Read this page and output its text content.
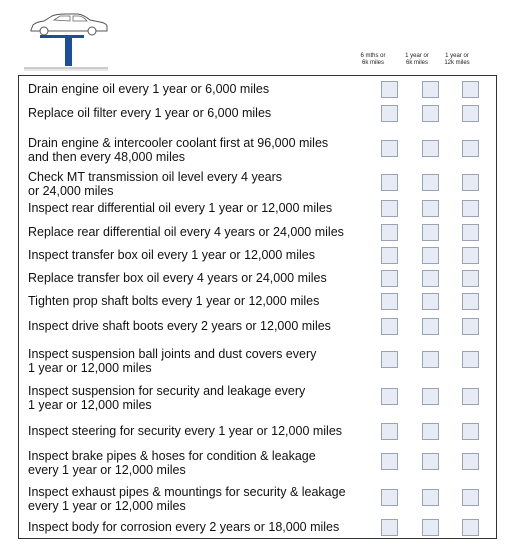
6 mths or
6k miles
1 year or
6k miles
1 year or
12k miles
Drain engine oil every 1 year or 6,000 miles
Replace oil filter every 1 year or 6,000 miles
Drain engine & intercooler coolant first at 96,000 miles
and then every 48,000 miles
Check MT transmission oil level every 4 years
or 24,000 miles
Inspect rear differential oil every 1 year or 12,000 miles
Replace rear differential oil every 4 years or 24,000 miles
Inspect transfer box oil every 1 year or 12,000 miles
Replace transfer box oil every 4 years or 24,000 miles
Tighten prop shaft bolts every 1 year or 12,000 miles
Inspect drive shaft boots every 2 years or 12,000 miles
Inspect suspension ball joints and dust covers every
1 year or 12,000 miles
Inspect suspension for security and leakage every
1 year or 12,000 miles
Inspect steering for security every 1 year or 12,000 miles
Inspect brake pipes & hoses for condition & leakage
every 1 year or 12,000 miles
Inspect exhaust pipes & mountings for security & leakage
every 1 year or 12,000 miles
Inspect body for corrosion every 2 years or 18,000 miles
